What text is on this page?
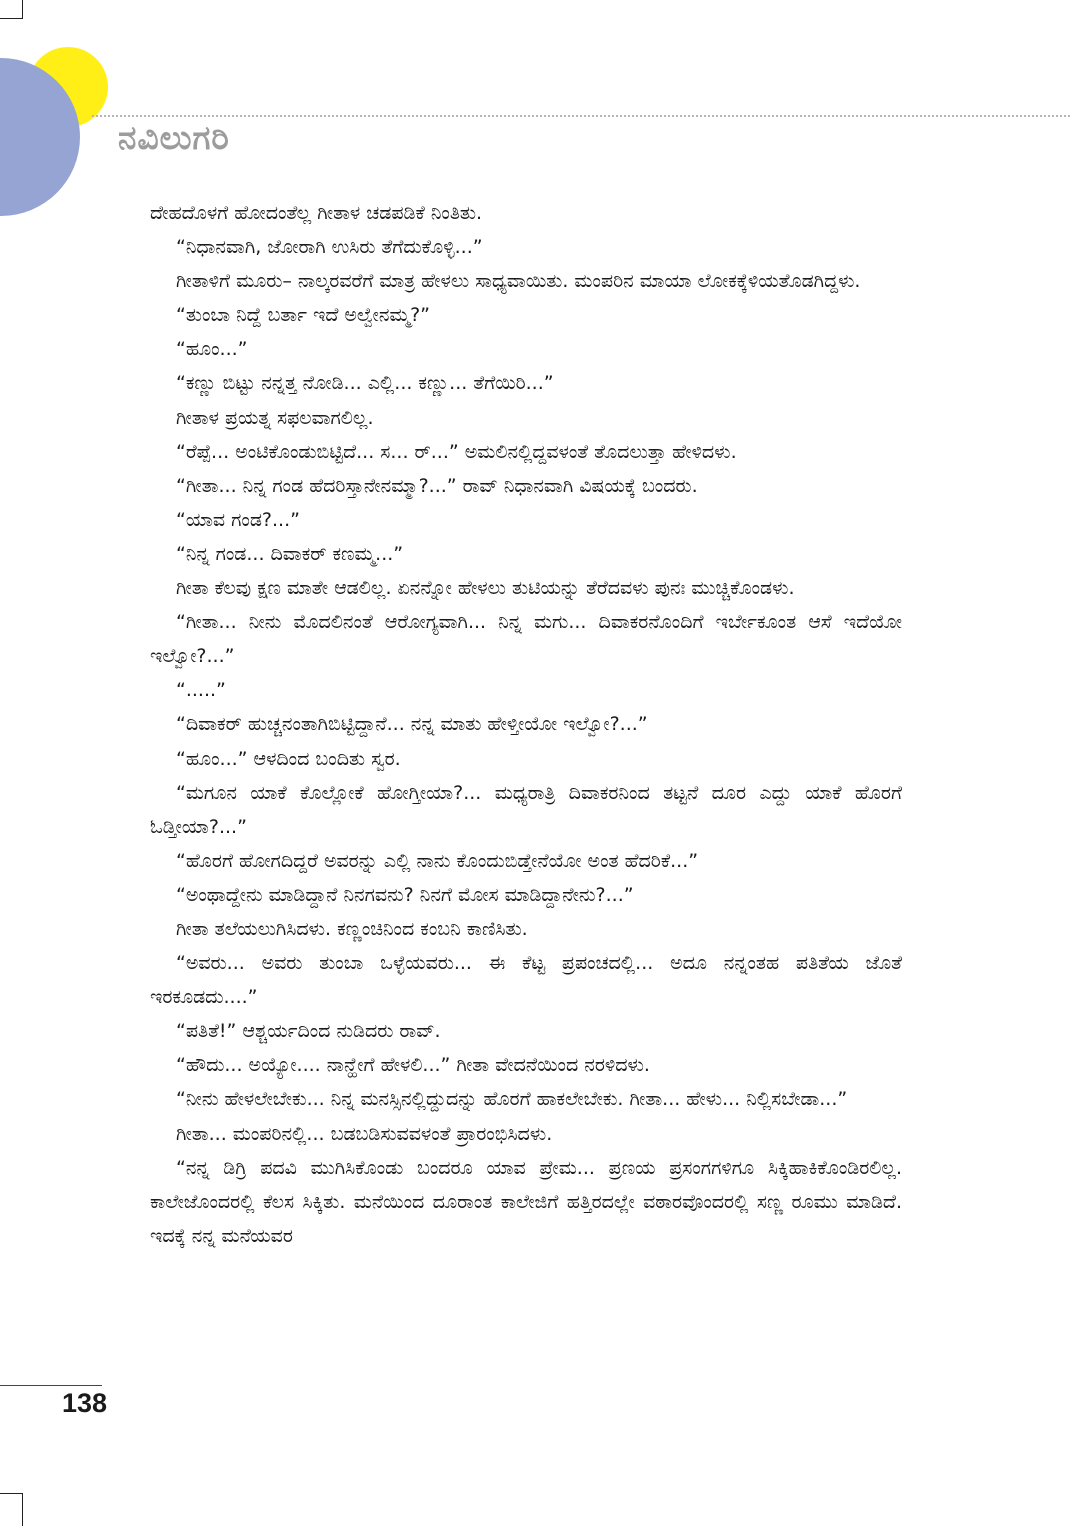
ನವಿಲುಗರಿ

ದೇಹದೊಳಗೆ ಹೋದಂತೆಲ್ಲ ಗೀತಾಳ ಚಡಪಡಿಕೆ ನಿಂತಿತು.

“ನಿಧಾನವಾಗಿ, ಜೋರಾಗಿ ಉಸಿರು ತೆಗೆದುಕೊಳ್ಳಿ...”

ಗೀತಾಳಿಗೆ ಮೂರು– ನಾಲ್ಕರವರೆಗೆ ಮಾತ್ರ ಹೇಳಲು ಸಾಧ್ಯವಾಯಿತು. ಮಂಪರಿನ ಮಾಯಾ ಲೋಕಕ್ಕೆಳಿಯತೊಡಗಿದ್ದಳು.

“ತುಂಬಾ ನಿದ್ದೆ ಬರ್ತಾ ಇದೆ ಅಲ್ವೇನಮ್ಮ?”

“ಹೂಂ...”

“ಕಣ್ಣು ಬಿಟ್ಟು ನನ್ನತ್ತ ನೋಡಿ... ಎಲ್ಲಿ... ಕಣ್ಣು... ತೆಗೆಯಿರಿ...”

ಗೀತಾಳ ಪ್ರಯತ್ನ ಸಫಲವಾಗಲಿಲ್ಲ.

“ರೆಪ್ಪೆ... ಅಂಟಿಕೊಂಡುಬಿಟ್ಟಿದೆ... ಸ... ರ್...” ಅಮಲಿನಲ್ಲಿದ್ದವಳಂತೆ ತೊದಲುತ್ತಾ ಹೇಳಿದಳು.

“ಗೀತಾ... ನಿನ್ನ ಗಂಡ ಹೆದರಿಸ್ತಾನೇನಮ್ಮಾ?...” ರಾವ್ ನಿಧಾನವಾಗಿ ವಿಷಯಕ್ಕೆ ಬಂದರು.

“ಯಾವ ಗಂಡ?...”

“ನಿನ್ನ ಗಂಡ... ದಿವಾಕರ್ ಕಣಮ್ಮ...”

ಗೀತಾ ಕೆಲವು ಕ್ಷಣ ಮಾತೇ ಆಡಲಿಲ್ಲ. ಏನನ್ನೋ ಹೇಳಲು ತುಟಿಯನ್ನು ತೆರೆದವಳು ಪುನಃ ಮುಚ್ಚಿಕೊಂಡಳು.

“ಗೀತಾ... ನೀನು ಮೊದಲಿನಂತೆ ಆರೋಗ್ಯವಾಗಿ... ನಿನ್ನ ಮಗು... ದಿವಾಕರನೊಂದಿಗೆ ಇರ್ಬೇಕೂಂತ ಆಸೆ ಇದೆಯೋ ಇಲ್ವೋ?...”

“.....”

“ದಿವಾಕರ್ ಹುಚ್ಚನಂತಾಗಿಬಿಟ್ಟಿದ್ದಾನೆ... ನನ್ನ ಮಾತು ಹೇಳ್ತೀಯೋ ಇಲ್ವೋ?...”

“ಹೂಂ...” ಆಳದಿಂದ ಬಂದಿತು ಸ್ವರ.

“ಮಗೂನ ಯಾಕೆ ಕೊಲ್ಲೋಕೆ ಹೋಗ್ತೀಯಾ?... ಮಧ್ಯರಾತ್ರಿ ದಿವಾಕರನಿಂದ ತಟ್ಟನೆ ದೂರ ಎದ್ದು ಯಾಕೆ ಹೊರಗೆ ಓಡ್ತೀಯಾ?...”

“ಹೊರಗೆ ಹೋಗದಿದ್ದರೆ ಅವರನ್ನು ಎಲ್ಲಿ ನಾನು ಕೊಂದುಬಿಡ್ತೇನೆಯೋ ಅಂತ ಹೆದರಿಕೆ...”

“ಅಂಥಾದ್ದೇನು ಮಾಡಿದ್ದಾನೆ ನಿನಗವನು? ನಿನಗೆ ಮೋಸ ಮಾಡಿದ್ದಾನೇನು?...”

ಗೀತಾ ತಲೆಯಲುಗಿಸಿದಳು. ಕಣ್ಣಂಚಿನಿಂದ ಕಂಬನಿ ಕಾಣಿಸಿತು.

“ಅವರು... ಅವರು ತುಂಬಾ ಒಳ್ಳೆಯವರು... ಈ ಕೆಟ್ಟ ಪ್ರಪಂಚದಲ್ಲಿ... ಅದೂ ನನ್ನಂತಹ ಪತಿತೆಯ ಜೊತೆ ಇರಕೂಡದು....”

“ಪತಿತೆ!” ಆಶ್ಚರ್ಯದಿಂದ ನುಡಿದರು ರಾವ್.

“ಹೌದು... ಅಯ್ಯೋ.... ನಾನ್ಹೇಗೆ ಹೇಳಲಿ...” ಗೀತಾ ವೇದನೆಯಿಂದ ನರಳಿದಳು.

“ನೀನು ಹೇಳಲೇಬೇಕು... ನಿನ್ನ ಮನಸ್ಸಿನಲ್ಲಿದ್ದುದನ್ನು ಹೊರಗೆ ಹಾಕಲೇಬೇಕು. ಗೀತಾ... ಹೇಳು... ನಿಲ್ಲಿಸಬೇಡಾ...”

ಗೀತಾ... ಮಂಪರಿನಲ್ಲಿ... ಬಡಬಡಿಸುವವಳಂತೆ ಪ್ರಾರಂಭಿಸಿದಳು.

“ನನ್ನ ಡಿಗ್ರಿ ಪದವಿ ಮುಗಿಸಿಕೊಂಡು ಬಂದರೂ ಯಾವ ಪ್ರೇಮ... ಪ್ರಣಯ ಪ್ರಸಂಗಗಳಿಗೂ ಸಿಕ್ಕಿಹಾಕಿಕೊಂಡಿರಲಿಲ್ಲ. ಕಾಲೇಜೊಂದರಲ್ಲಿ ಕೆಲಸ ಸಿಕ್ಕಿತು. ಮನೆಯಿಂದ ದೂರಾಂತ ಕಾಲೇಜಿಗೆ ಹತ್ತಿರದಲ್ಲೇ ವಠಾರವೊಂದರಲ್ಲಿ ಸಣ್ಣ ರೂಮು ಮಾಡಿದೆ. ಇದಕ್ಕೆ ನನ್ನ ಮನೆಯವರ

138
